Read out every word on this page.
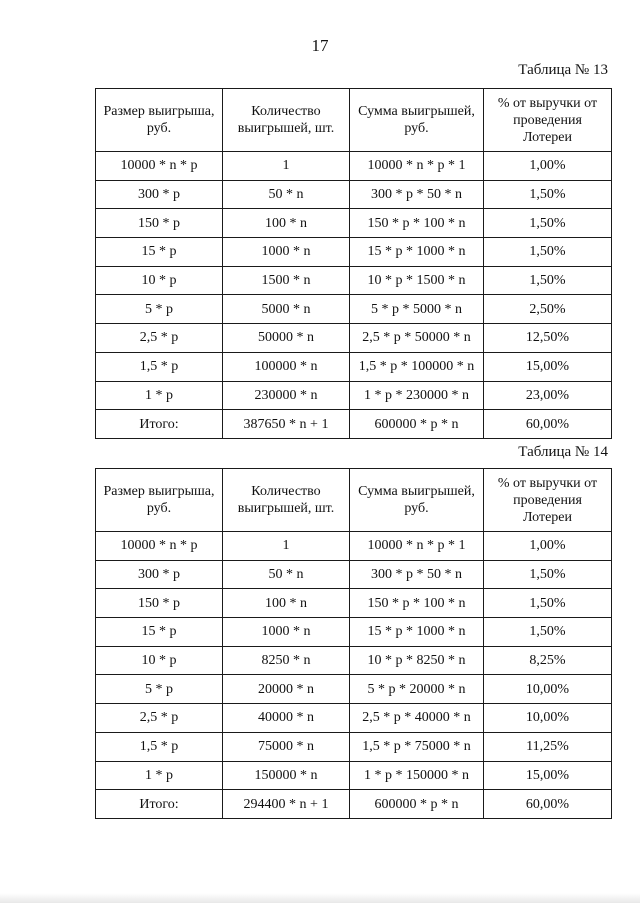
17
Таблица № 13
Размер выигрыша, руб.	Количество выигрышей, шт.	Сумма выигрышей, руб.	% от выручки от проведения Лотереи
10000 * n * p	1	10000 * n * p * 1	1,00%
300 * p	50 * n	300 * p * 50 * n	1,50%
150 * p	100 * n	150 * p * 100 * n	1,50%
15 * p	1000 * n	15 * p * 1000 * n	1,50%
10 * p	1500 * n	10 * p * 1500 * n	1,50%
5 * p	5000 * n	5 * p * 5000 * n	2,50%
2,5 * p	50000 * n	2,5 * p * 50000 * n	12,50%
1,5 * p	100000 * n	1,5 * p * 100000 * n	15,00%
1 * p	230000 * n	1 * p * 230000 * n	23,00%
Итого:	387650 * n + 1	600000 * p * n	60,00%
Таблица № 14
Размер выигрыша, руб.	Количество выигрышей, шт.	Сумма выигрышей, руб.	% от выручки от проведения Лотереи
10000 * n * p	1	10000 * n * p * 1	1,00%
300 * p	50 * n	300 * p * 50 * n	1,50%
150 * p	100 * n	150 * p * 100 * n	1,50%
15 * p	1000 * n	15 * p * 1000 * n	1,50%
10 * p	8250 * n	10 * p * 8250 * n	8,25%
5 * p	20000 * n	5 * p * 20000 * n	10,00%
2,5 * p	40000 * n	2,5 * p * 40000 * n	10,00%
1,5 * p	75000 * n	1,5 * p * 75000 * n	11,25%
1 * p	150000 * n	1 * p * 150000 * n	15,00%
Итого:	294400 * n + 1	600000 * p * n	60,00%
